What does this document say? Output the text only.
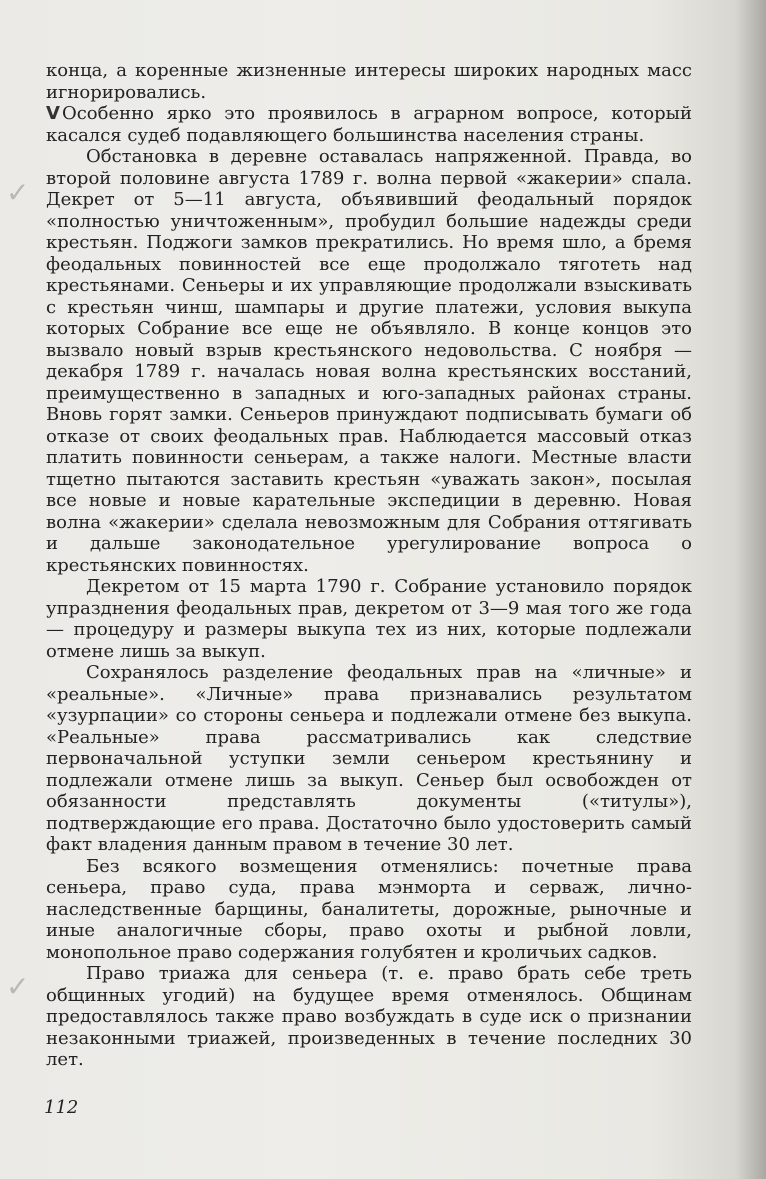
✓
✓

конца, а коренные жизненные интересы широких народных масс игнорировались.

V Особенно ярко это проявилось в аграрном вопросе, который касался судеб подавляющего большинства населения страны.

Обстановка в деревне оставалась напряженной. Правда, во второй половине августа 1789 г. волна первой «жакерии» спала. Декрет от 5—11 августа, объявивший феодальный порядок «полностью уничтоженным», пробудил большие надежды среди крестьян. Поджоги замков прекратились. Но время шло, а бремя феодальных повинностей все еще продолжало тяготеть над крестьянами. Сеньеры и их управляющие продолжали взыскивать с крестьян чинш, шампары и другие платежи, условия выкупа которых Собрание все еще не объявляло. В конце концов это вызвало новый взрыв крестьянского недовольства. С ноября — декабря 1789 г. началась новая волна крестьянских восстаний, преимущественно в западных и юго-западных районах страны. Вновь горят замки. Сеньеров принуждают подписывать бумаги об отказе от своих феодальных прав. Наблюдается массовый отказ платить повинности сеньерам, а также налоги. Местные власти тщетно пытаются заставить крестьян «уважать закон», посылая все новые и новые карательные экспедиции в деревню. Новая волна «жакерии» сделала невозможным для Собрания оттягивать и дальше законодательное урегулирование вопроса о крестьянских повинностях.

Декретом от 15 марта 1790 г. Собрание установило порядок упразднения феодальных прав, декретом от 3—9 мая того же года — процедуру и размеры выкупа тех из них, которые подлежали отмене лишь за выкуп.

Сохранялось разделение феодальных прав на «личные» и «реальные». «Личные» права признавались результатом «узурпации» со стороны сеньера и подлежали отмене без выкупа. «Реальные» права рассматривались как следствие первоначальной уступки земли сеньером крестьянину и подлежали отмене лишь за выкуп. Сеньер был освобожден от обязанности представлять документы («титулы»), подтверждающие его права. Достаточно было удостоверить самый факт владения данным правом в течение 30 лет.

Без всякого возмещения отменялись: почетные права сеньера, право суда, права мэнморта и серваж, лично-наследственные барщины, баналитеты, дорожные, рыночные и иные аналогичные сборы, право охоты и рыбной ловли, монопольное право содержания голубятен и кроличьих садков.

Право триажа для сеньера (т. е. право брать себе треть общинных угодий) на будущее время отменялось. Общинам предоставлялось также право возбуждать в суде иск о признании незаконными триажей, произведенных в течение последних 30 лет.

112
